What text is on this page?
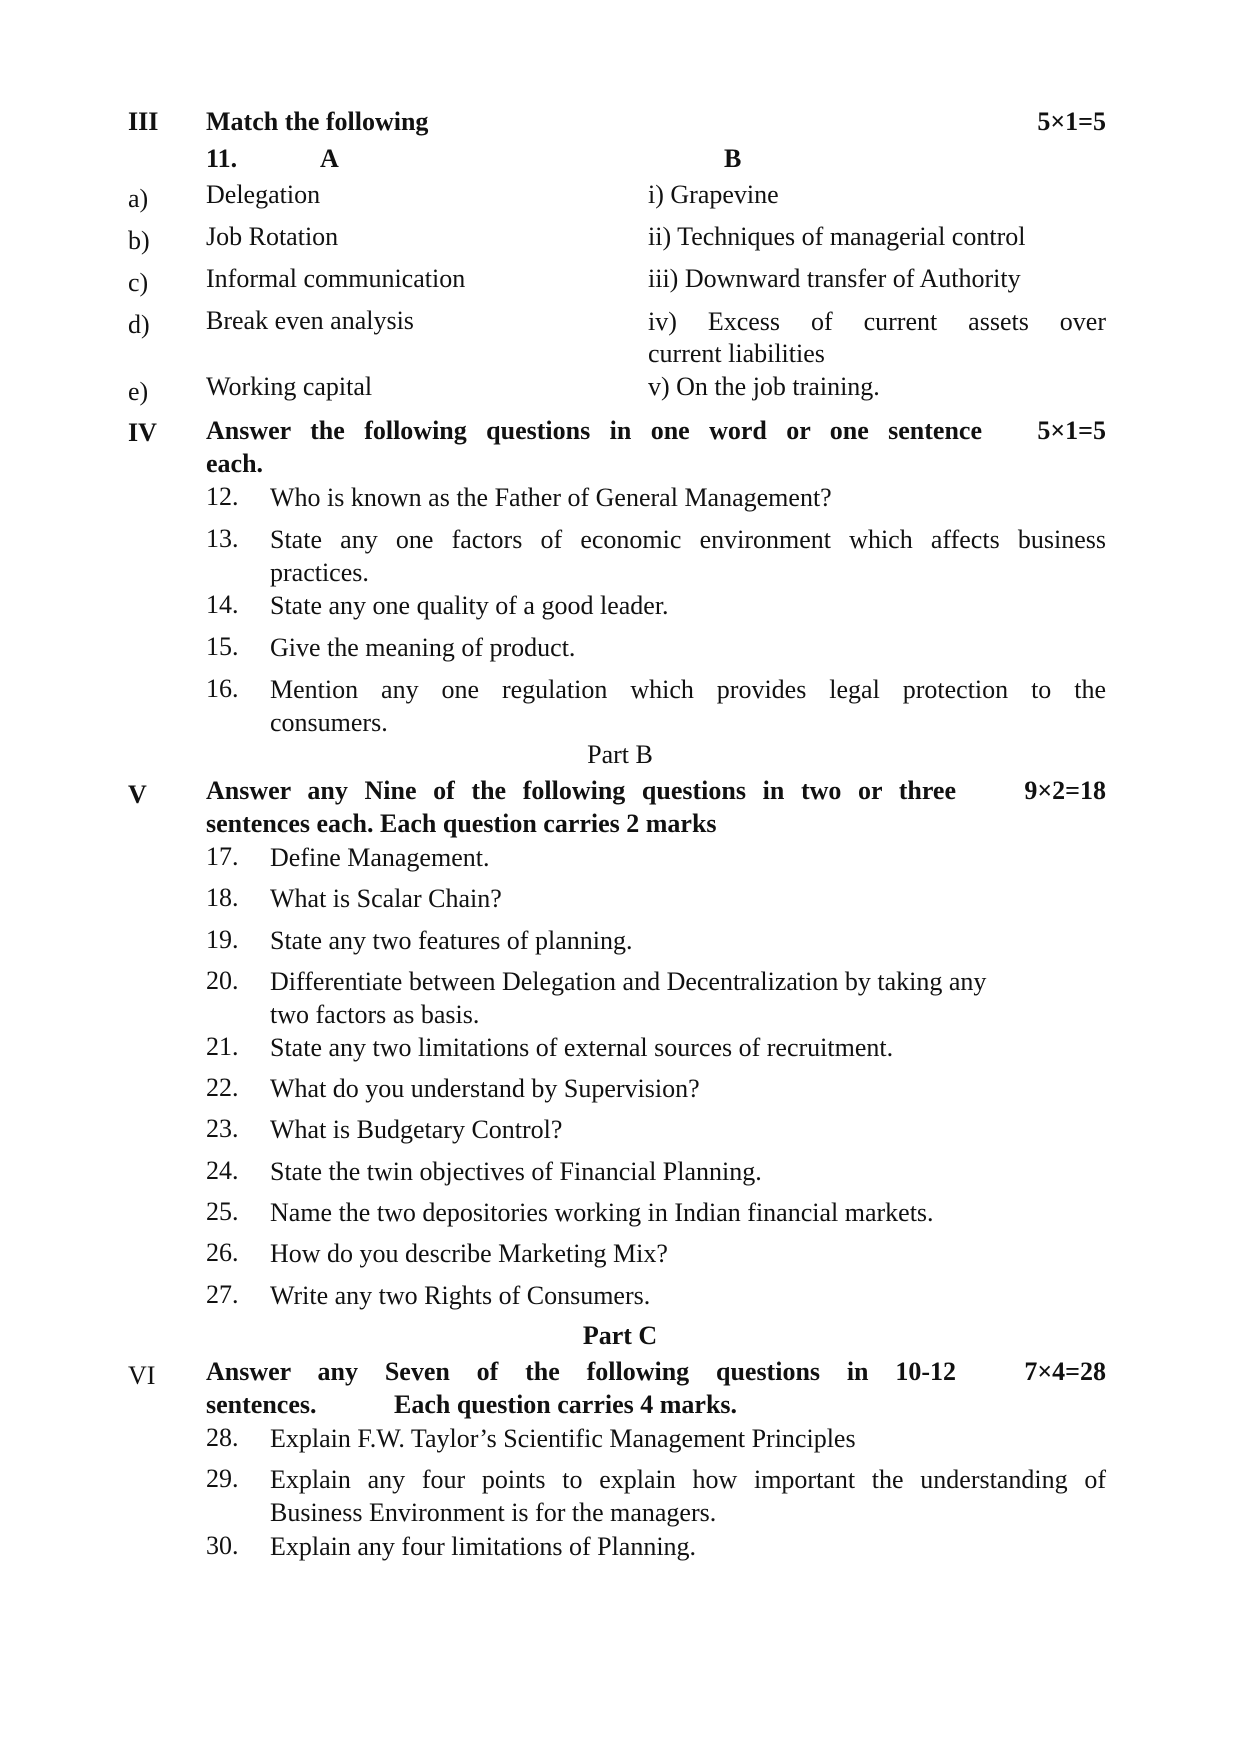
III Match the following	5×1=5
11.	A	B
a) Delegation	i) Grapevine
b) Job Rotation	ii) Techniques of managerial control
c) Informal communication	iii) Downward transfer of Authority
d) Break even analysis	iv) Excess of current assets over
current liabilities
e) Working capital	v) On the job training.
IV Answer the following questions in one word or one sentence 5×1=5
each.
12. Who is known as the Father of General Management?
13. State any one factors of economic environment which affects business
practices.
14. State any one quality of a good leader.
15. Give the meaning of product.
16. Mention any one regulation which provides legal protection to the
consumers.
Part B
V Answer any Nine of the following questions in two or three	9×2=18
sentences each. Each question carries 2 marks
17. Define Management.
18. What is Scalar Chain?
19. State any two features of planning.
20. Differentiate between Delegation and Decentralization by taking any
two factors as basis.
21. State any two limitations of external sources of recruitment.
22. What do you understand by Supervision?
23. What is Budgetary Control?
24. State the twin objectives of Financial Planning.
25. Name the two depositories working in Indian financial markets.
26. How do you describe Marketing Mix?
27. Write any two Rights of Consumers.
Part C
VI Answer any Seven of the following questions in 10-12	7×4=28
sentences.	Each question carries 4 marks.
28. Explain F.W. Taylor’s Scientific Management Principles
29. Explain any four points to explain how important the understanding of
Business Environment is for the managers.
30. Explain any four limitations of Planning.
